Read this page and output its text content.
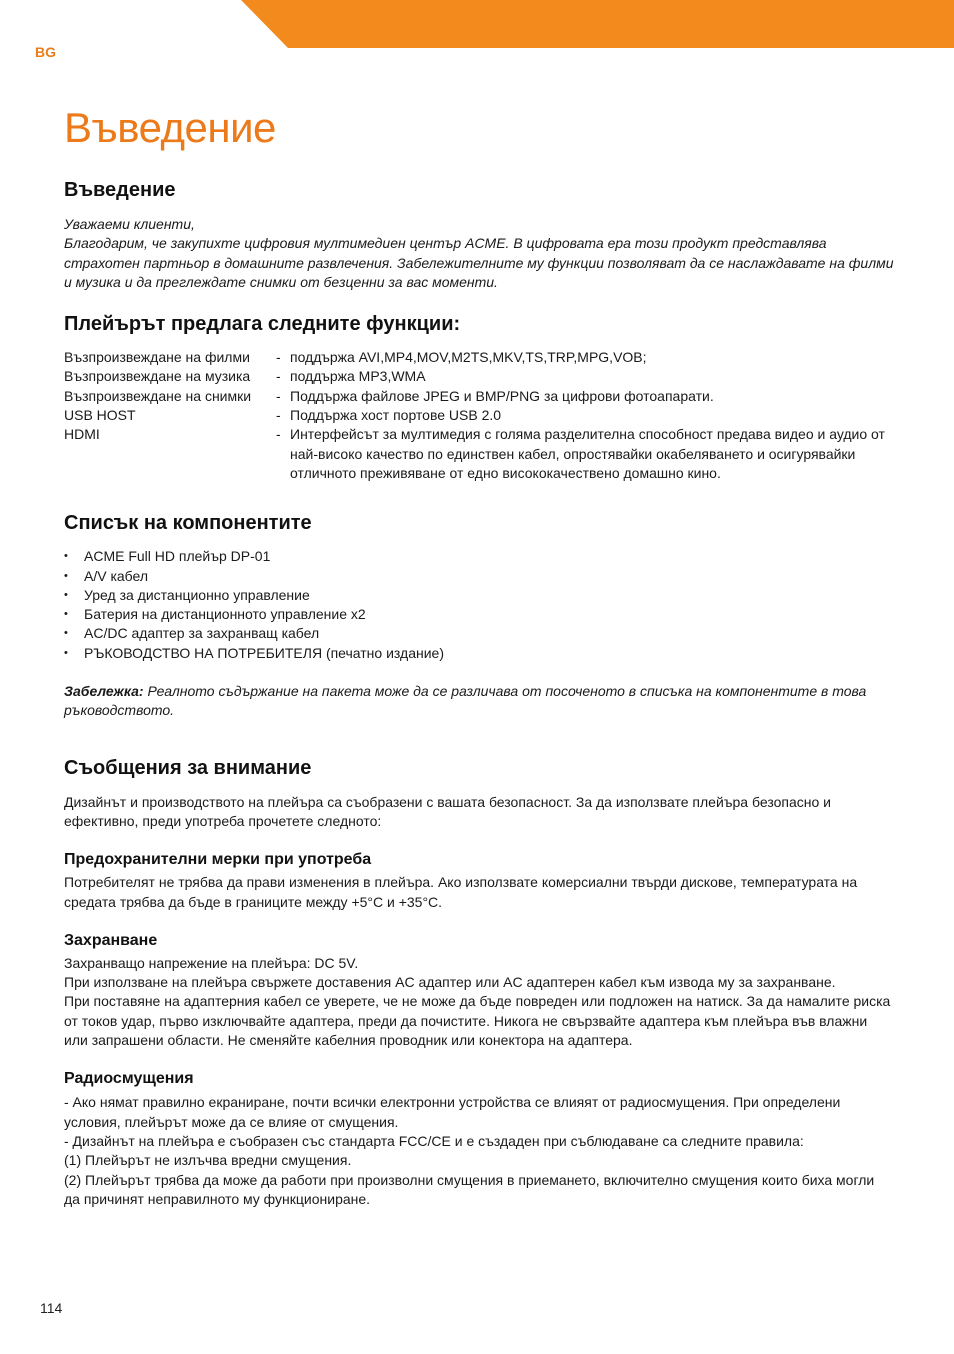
BG
Въведение
Въведение

Уважаеми клиенти,

Благодарим, че закупихте цифровия мултимедиен център ACME. В цифровата ера този продукт представлява страхотен партньор в домашните развлечения. Забележителните му функции позволяват да се наслаждавате на филми и музика и да преглеждате снимки от безценни за вас моменти.

Плейърът предлага следните функции:
Възпроизвеждане на филми	- поддържа AVI,MP4,MOV,M2TS,MKV,TS,TRP,MPG,VOB;
Възпроизвеждане на музика	- поддържа MP3,WMA
Възпроизвеждане на снимки	- Поддържа файлове JPEG и BMP/PNG за цифрови фотоапарати.
USB HOST	- Поддържа хост портове USB 2.0
HDMI	- Интерфейсът за мултимедия с голяма разделителна способност предава видео и аудио от най-високо качество по единствен кабел, опростявайки окабеляването и осигурявайки отличното преживяване от едно висококачествено домашно кино.
Списък на компонентите
•	ACME Full HD плейър DP-01
•	A/V кабел
•	Уред за дистанционно управление
•	Батерия на дистанционното управление x2
•	AC/DC адаптер за захранващ кабел
•	РЪКОВОДСТВО НА ПОТРЕБИТЕЛЯ (печатно издание)

Забележка: Реалното съдържание на пакета може да се различава от посоченото в списъка на компонентите в това ръководството.

Съобщения за внимание

Дизайнът и производството на плейъра са съобразени с вашата безопасност. За да използвате плейъра безопасно и ефективно, преди употреба прочетете следното:

Предохранителни мерки при употреба

Потребителят не трябва да прави изменения в плейъра. Ако използвате комерсиални твърди дискове, температурата на средата трябва да бъде в границите между +5°C и +35°C.

Захранване

Захранващо напрежение на плейъра: DC 5V.

При използване на плейъра свържете доставения AC адаптер или AC адаптерен кабел към извода му за захранване.

При поставяне на адаптерния кабел се уверете, че не може да бъде повреден или подложен на натиск. За да намалите риска от токов удар, първо изключвайте адаптера, преди да почистите. Никога не свързвайте адаптера към плейъра във влажни или запрашени области. Не сменяйте кабелния проводник или конектора на адаптера.

Радиосмущения

- Ако нямат правилно екраниране, почти всички електронни устройства се влияят от радиосмущения. При определени условия, плейърът може да се влияе от смущения.

- Дизайнът на плейъра е съобразен със стандарта FCC/CE и е създаден при съблюдаване са следните правила:

(1) Плейърът не излъчва вредни смущения.

(2) Плейърът трябва да може да работи при произволни смущения в приемането, включително смущения които биха могли да причинят неправилното му функциониране.

114
